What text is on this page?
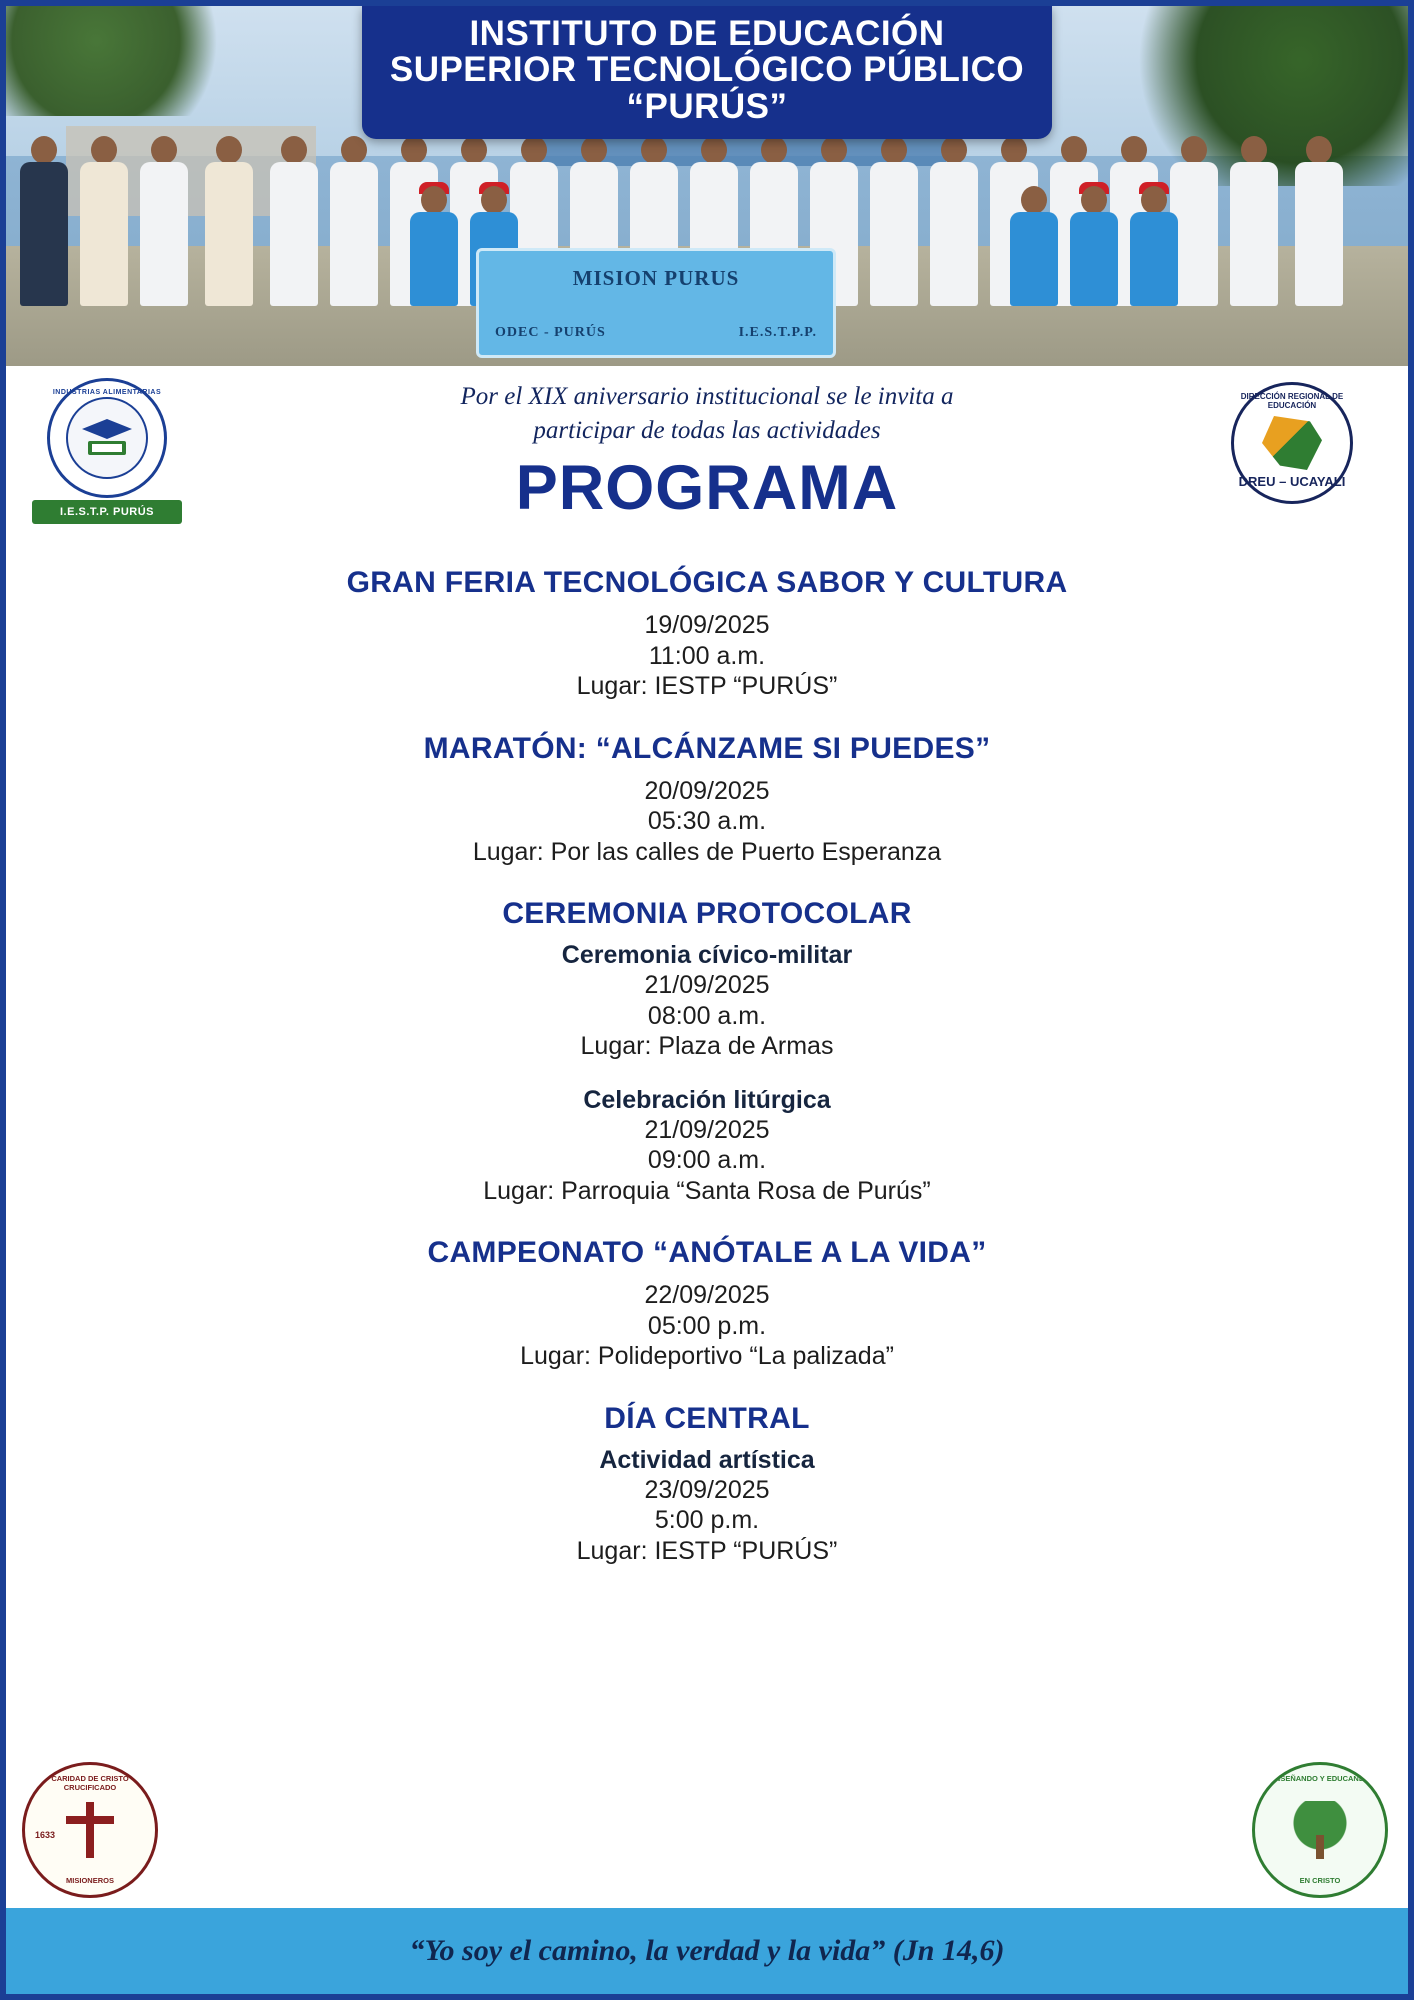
MISION PURUS
ODEC - PURÚS	I.E.S.T.P.P.
INSTITUTO DE EDUCACIÓN
SUPERIOR TECNOLÓGICO PÚBLICO
“PURÚS”
Por el XIX aniversario institucional se le invita a
participar de todas las actividades
PROGRAMA
INDUSTRIAS ALIMENTARIAS
I.E.S.T.P. PURÚS
DIRECCIÓN REGIONAL DE EDUCACIÓN
DREU – UCAYALI
GRAN FERIA TECNOLÓGICA SABOR Y CULTURA
19/09/2025
11:00 a.m.
Lugar: IESTP “PURÚS”
MARATÓN: “ALCÁNZAME SI PUEDES”
20/09/2025
05:30 a.m.
Lugar: Por las calles de Puerto Esperanza
CEREMONIA PROTOCOLAR
Ceremonia cívico-militar
21/09/2025
08:00 a.m.
Lugar: Plaza de Armas
Celebración litúrgica
21/09/2025
09:00 a.m.
Lugar: Parroquia “Santa Rosa de Purús”
CAMPEONATO “ANÓTALE A LA VIDA”
22/09/2025
05:00 p.m.
Lugar: Polideportivo “La palizada”
DÍA CENTRAL
Actividad artística
23/09/2025
5:00 p.m.
Lugar: IESTP “PURÚS”
CARIDAD DE CRISTO CRUCIFICADO
1633
MISIONEROS
ENSEÑANDO Y EDUCANDO
EN CRISTO
“Yo soy el camino, la verdad y la vida” (Jn 14,6)
